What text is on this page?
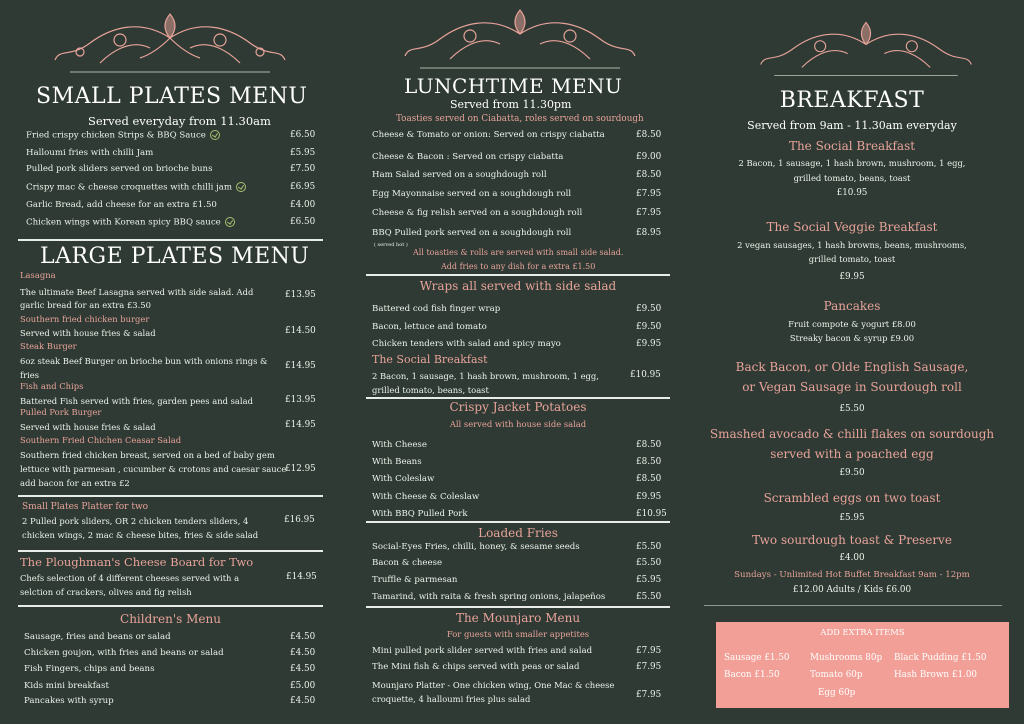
SMALL PLATES MENU
Served everyday from 11.30am
Fried crispy chicken Strips & BBQ Sauce	£6.50
Halloumi fries with chilli Jam	£5.95
Pulled pork sliders served on brioche buns	£7.50
Crispy mac & cheese croquettes with chilli jam	£6.95
Garlic Bread, add cheese for an extra £1.50	£4.00
Chicken wings with Korean spicy BBQ sauce	£6.50
LARGE PLATES MENU
Lasagna
The ultimate Beef Lasagna served with side salad. Add
garlic bread for an extra £3.50
£13.95
Southern fried chicken burger
Served with house fries & salad	£14.50
Steak Burger
6oz steak Beef Burger on brioche bun with onions rings &
fries
£14.95
Fish and Chips
Battered Fish served with fries, garden pees and salad	£13.95
Pulled Pork Burger
Served with house fries & salad	£14.95
Southern Fried Chichen Ceasar Salad
Southern fried chicken breast, served on a bed of baby gem
lettuce with parmesan , cucumber & crotons and caesar sauce
add bacon for an extra £2
£12.95
Small Plates Platter for two
2 Pulled pork sliders, OR 2 chicken tenders sliders, 4
chicken wings, 2 mac & cheese bites, fries & side salad
£16.95
The Ploughman's Cheese Board for Two
Chefs selection of 4 different cheeses served with a
selction of crackers, olives and fig relish
£14.95
Children's Menu
Sausage, fries and beans or salad	£4.50
Chicken goujon, with fries and beans or salad	£4.50
Fish Fingers, chips and beans	£4.50
Kids mini breakfast	£5.00
Pancakes with syrup	£4.50
LUNCHTIME MENU
Served from 11.30pm
Toasties served on Ciabatta, roles served on sourdough
Cheese & Tomato or onion: Served on crispy ciabatta	£8.50
Cheese & Bacon : Served on crispy ciabatta	£9.00
Ham Salad served on a soughdough roll	£8.50
Egg Mayonnaise served on a soughdough roll	£7.95
Cheese & fig relish served on a soughdough roll	£7.95
BBQ Pulled pork served on a soughdough roll	£8.95
( served hot )
All toasties & rolls are served with small side salad.
Add fries to any dish for a extra £1.50
Wraps all served with side salad
Battered cod fish finger wrap	£9.50
Bacon, lettuce and tomato	£9.50
Chicken tenders with salad and spicy mayo	£9.95
The Social Breakfast
2 Bacon, 1 sausage, 1 hash brown, mushroom, 1 egg,
grilled tomato, beans, toast
£10.95
Crispy Jacket Potatoes
All served with house side salad
With Cheese	£8.50
With Beans	£8.50
With Coleslaw	£8.50
With Cheese & Coleslaw	£9.95
With BBQ Pulled Pork	£10.95
Loaded Fries
Social-Eyes Fries, chilli, honey, & sesame seeds	£5.50
Bacon & cheese	£5.50
Truffle & parmesan	£5.95
Tamarind, with raita & fresh spring onions, jalapeños	£5.50
The Mounjaro Menu
For guests with smaller appetites
Mini pulled pork slider served with fries and salad	£7.95
The Mini fish & chips served with peas or salad	£7.95
Mounjaro Platter - One chicken wing, One Mac & cheese
croquette, 4 halloumi fries plus salad	£7.95
BREAKFAST
Served from 9am - 11.30am everyday
The Social Breakfast
2 Bacon, 1 sausage, 1 hash brown, mushroom, 1 egg,
grilled tomato, beans, toast
£10.95
The Social Veggie Breakfast
2 vegan sausages, 1 hash browns, beans, mushrooms,
grilled tomato, toast
£9.95
Pancakes
Fruit compote & yogurt £8.00
Streaky bacon & syrup £9.00
Back Bacon, or Olde English Sausage,
or Vegan Sausage in Sourdough roll
£5.50
Smashed avocado & chilli flakes on sourdough
served with a poached egg
£9.50
Scrambled eggs on two toast
£5.95
Two sourdough toast & Preserve
£4.00
Sundays - Unlimited Hot Buffet Breakfast 9am - 12pm
£12.00 Adults / Kids £6.00
ADD EXTRA ITEMS
Sausage £1.50 Mushrooms 80p Black Pudding £1.50
Bacon £1.50	Tomato 60p	Hash Brown £1.00
Egg 60p
